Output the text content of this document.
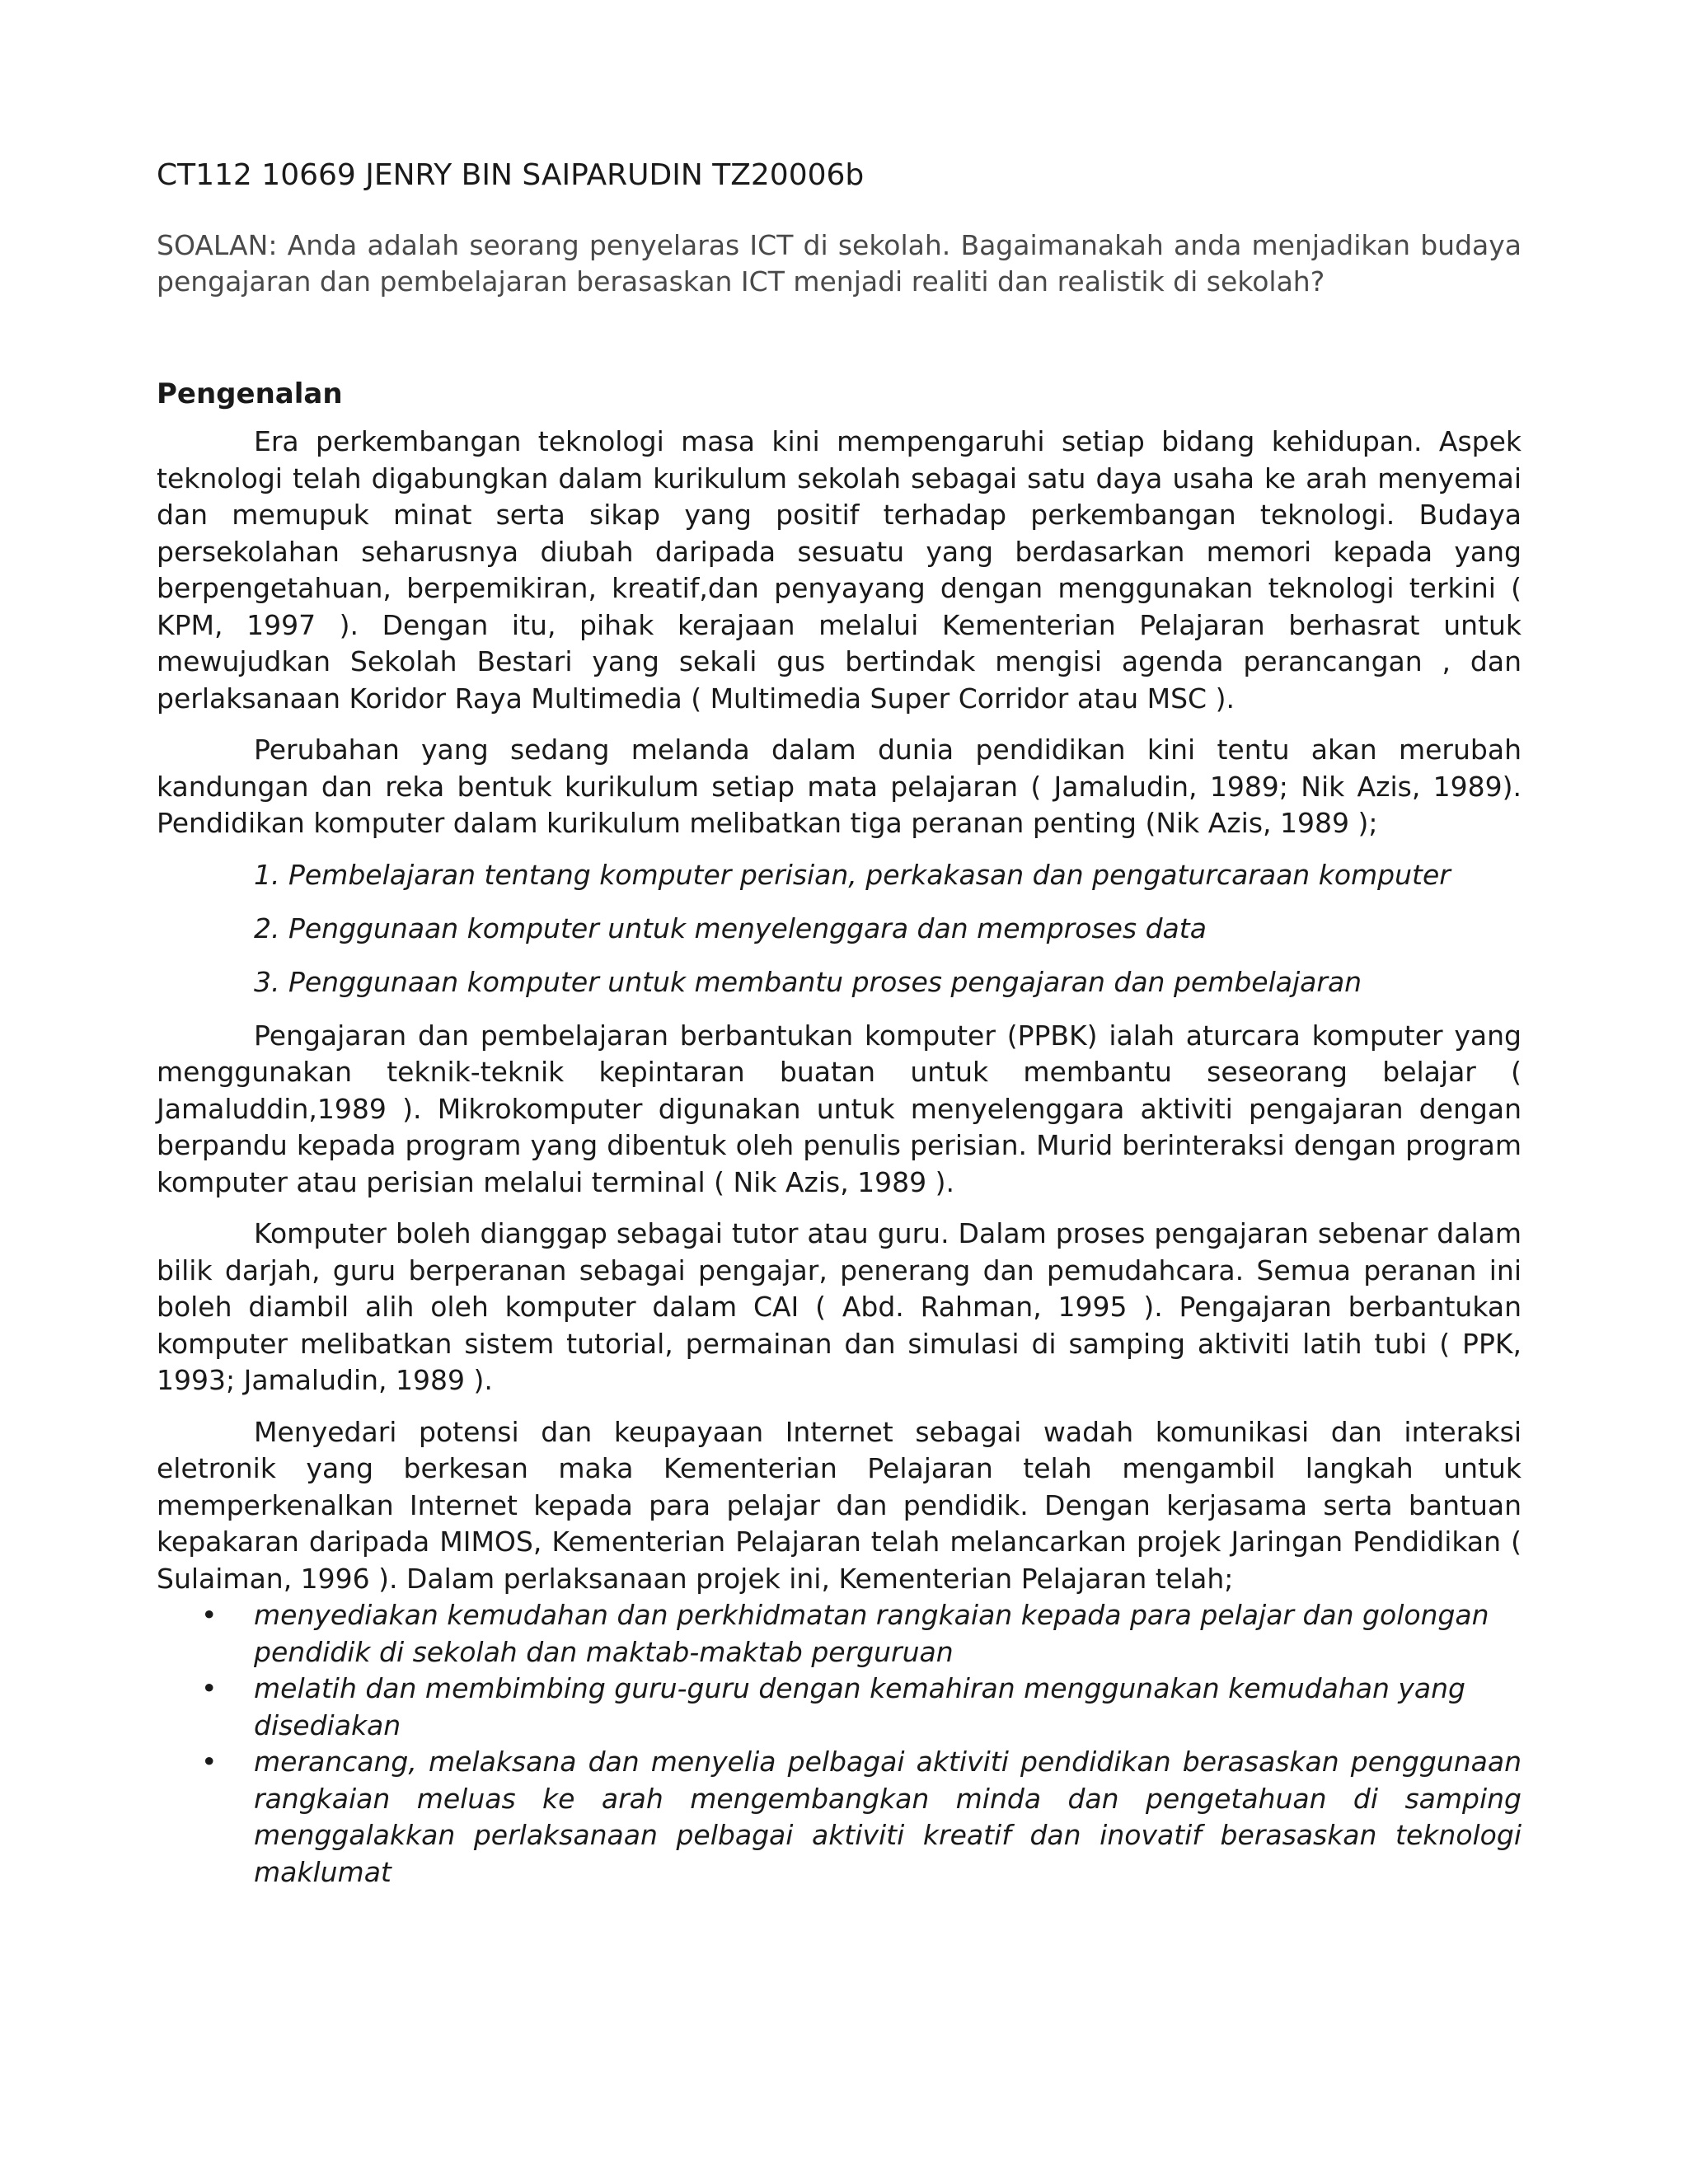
CT112 10669 JENRY BIN SAIPARUDIN TZ20006b

SOALAN: Anda adalah seorang penyelaras ICT di sekolah. Bagaimanakah anda menjadikan budaya pengajaran dan pembelajaran berasaskan ICT menjadi realiti dan realistik di sekolah?

Pengenalan

Era perkembangan teknologi masa kini mempengaruhi setiap bidang kehidupan. Aspek teknologi telah digabungkan dalam kurikulum sekolah sebagai satu daya usaha ke arah menyemai dan memupuk minat serta sikap yang positif terhadap perkembangan teknologi. Budaya persekolahan seharusnya diubah daripada sesuatu yang berdasarkan memori kepada yang berpengetahuan, berpemikiran, kreatif,dan penyayang dengan menggunakan teknologi terkini ( KPM, 1997 ). Dengan itu, pihak kerajaan melalui Kementerian Pelajaran berhasrat untuk mewujudkan Sekolah Bestari yang sekali gus bertindak mengisi agenda perancangan , dan perlaksanaan Koridor Raya Multimedia ( Multimedia Super Corridor atau MSC ).

Perubahan yang sedang melanda dalam dunia pendidikan kini tentu akan merubah kandungan dan reka bentuk kurikulum setiap mata pelajaran ( Jamaludin, 1989; Nik Azis, 1989). Pendidikan komputer dalam kurikulum melibatkan tiga peranan penting (Nik Azis, 1989 );

1. Pembelajaran tentang komputer perisian, perkakasan dan pengaturcaraan komputer
2. Penggunaan komputer untuk menyelenggara dan memproses data
3. Penggunaan komputer untuk membantu proses pengajaran dan pembelajaran

Pengajaran dan pembelajaran berbantukan komputer (PPBK) ialah aturcara komputer yang menggunakan teknik-teknik kepintaran buatan untuk membantu seseorang belajar ( Jamaluddin,1989 ). Mikrokomputer digunakan untuk menyelenggara aktiviti pengajaran dengan berpandu kepada program yang dibentuk oleh penulis perisian. Murid berinteraksi dengan program komputer atau perisian melalui terminal ( Nik Azis, 1989 ).

Komputer boleh dianggap sebagai tutor atau guru. Dalam proses pengajaran sebenar dalam bilik darjah, guru berperanan sebagai pengajar, penerang dan pemudahcara. Semua peranan ini boleh diambil alih oleh komputer dalam CAI ( Abd. Rahman, 1995 ). Pengajaran berbantukan komputer melibatkan sistem tutorial, permainan dan simulasi di samping aktiviti latih tubi ( PPK, 1993; Jamaludin, 1989 ).

Menyedari potensi dan keupayaan Internet sebagai wadah komunikasi dan interaksi eletronik yang berkesan maka Kementerian Pelajaran telah mengambil langkah untuk memperkenalkan Internet kepada para pelajar dan pendidik. Dengan kerjasama serta bantuan kepakaran daripada MIMOS, Kementerian Pelajaran telah melancarkan projek Jaringan Pendidikan ( Sulaiman, 1996 ). Dalam perlaksanaan projek ini, Kementerian Pelajaran telah;

• menyediakan kemudahan dan perkhidmatan rangkaian kepada para pelajar dan golongan pendidik di sekolah dan maktab-maktab perguruan
• melatih dan membimbing guru-guru dengan kemahiran menggunakan kemudahan yang disediakan
• merancang, melaksana dan menyelia pelbagai aktiviti pendidikan berasaskan penggunaan rangkaian meluas ke arah mengembangkan minda dan pengetahuan di samping menggalakkan perlaksanaan pelbagai aktiviti kreatif dan inovatif berasaskan teknologi maklumat
